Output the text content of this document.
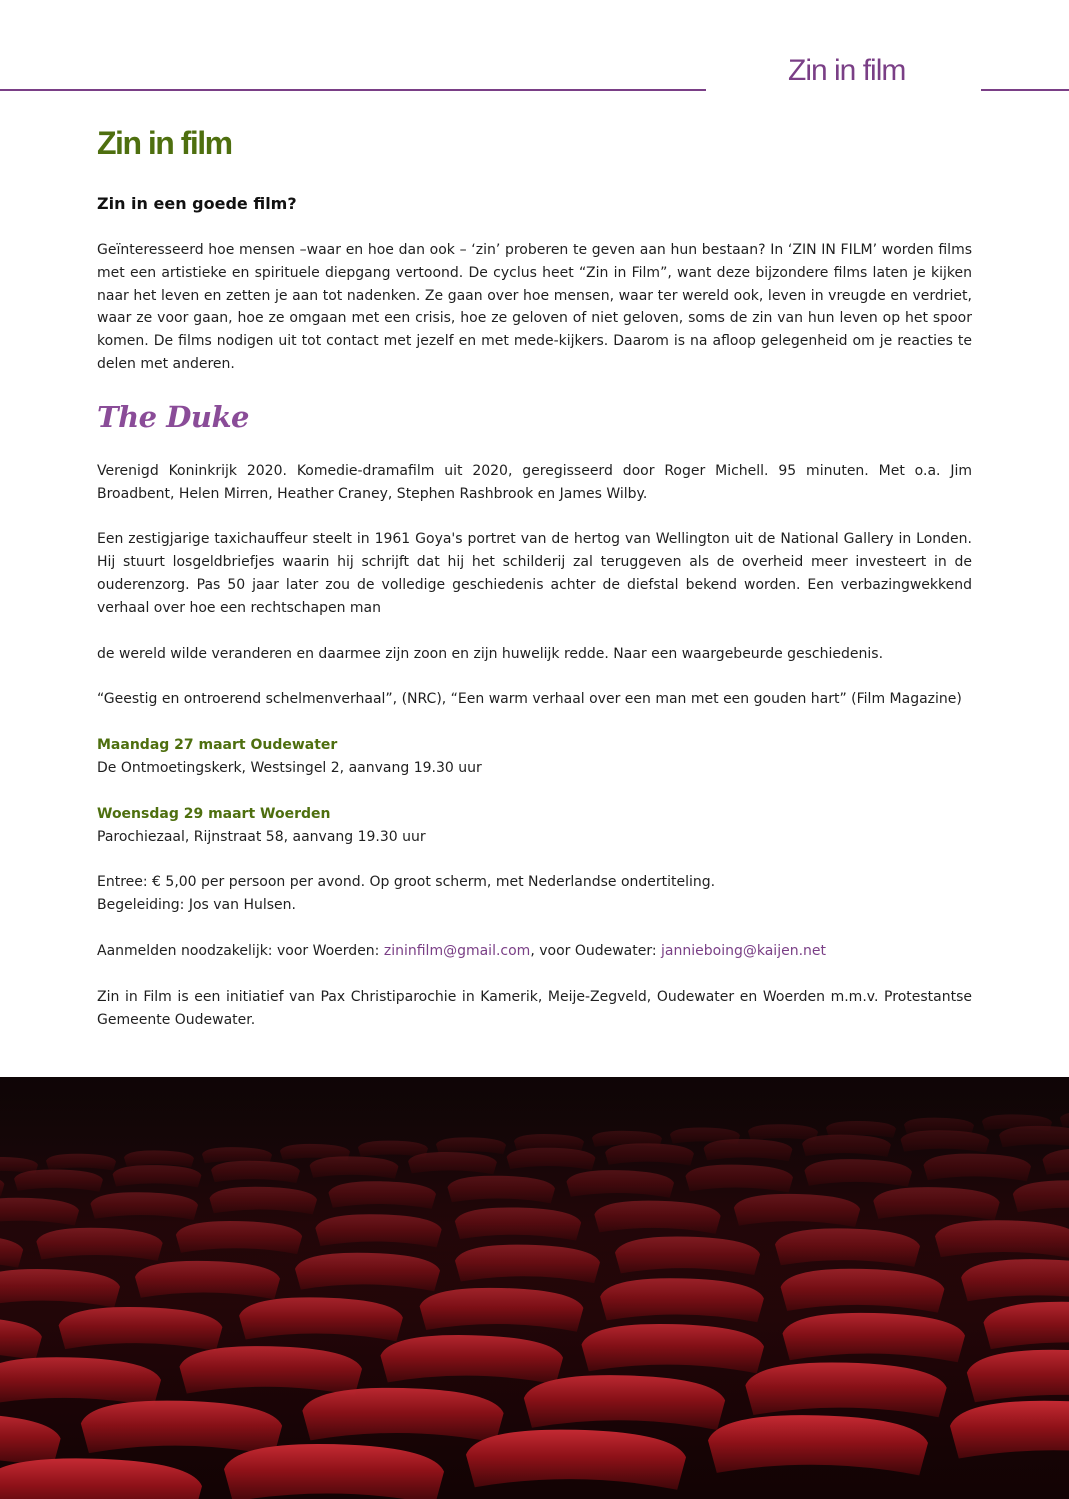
Zin in film
Zin in film
Zin in een goede film?

Geïnteresseerd hoe mensen –waar en hoe dan ook – ‘zin’ proberen te geven aan hun bestaan? In ‘ZIN IN FILM’ worden films met een artistieke en spirituele diepgang vertoond. De cyclus heet “Zin in Film”, want deze bijzondere films laten je kijken naar het leven en zetten je aan tot nadenken. Ze gaan over hoe mensen, waar ter wereld ook, leven in vreugde en verdriet, waar ze voor gaan, hoe ze omgaan met een crisis, hoe ze geloven of niet geloven, soms de zin van hun leven op het spoor komen. De films nodigen uit tot contact met jezelf en met mede-kijkers. Daarom is na afloop gelegenheid om je reacties te delen met anderen.

The Duke

Verenigd Koninkrijk 2020. Komedie-dramafilm uit 2020, geregisseerd door Roger Michell. 95 minuten. Met o.a. Jim Broadbent, Helen Mirren, Heather Craney, Stephen Rashbrook en James Wilby.

Een zestigjarige taxichauffeur steelt in 1961 Goya's portret van de hertog van Wellington uit de National Gallery in Londen. Hij stuurt losgeldbriefjes waarin hij schrijft dat hij het schilderij zal teruggeven als de overheid meer investeert in de ouderenzorg. Pas 50 jaar later zou de volledige geschiedenis achter de diefstal bekend worden. Een verbazingwekkend verhaal over hoe een rechtschapen man

de wereld wilde veranderen en daarmee zijn zoon en zijn huwelijk redde. Naar een waargebeurde geschiedenis.

“Geestig en ontroerend schelmenverhaal”, (NRC), “Een warm verhaal over een man met een gouden hart” (Film Magazine)

Maandag 27 maart Oudewater

De Ontmoetingskerk, Westsingel 2, aanvang 19.30 uur

Woensdag 29 maart Woerden

Parochiezaal, Rijnstraat 58, aanvang 19.30 uur

Entree: € 5,00 per persoon per avond. Op groot scherm, met Nederlandse ondertiteling.

Begeleiding: Jos van Hulsen.

Aanmelden noodzakelijk: voor Woerden: zininfilm@gmail.com, voor Oudewater: jannieboing@kaijen.net

Zin in Film is een initiatief van Pax Christiparochie in Kamerik, Meije-Zegveld, Oudewater en Woerden m.m.v. Protestantse Gemeente Oudewater.
